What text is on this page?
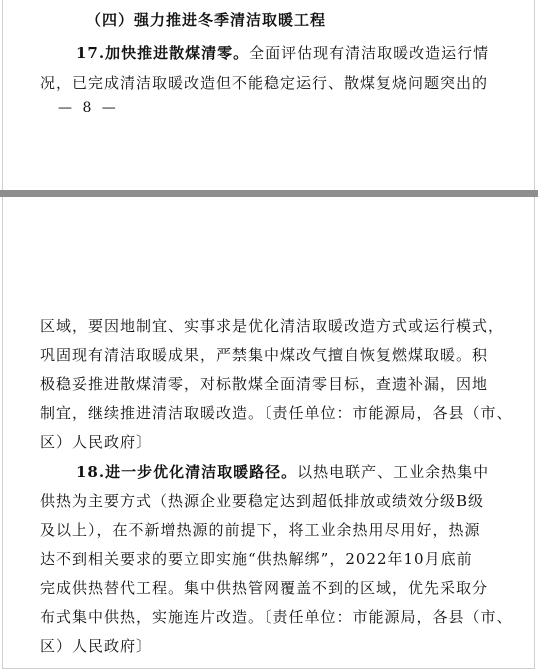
（四）强力推进冬季清洁取暖工程
17.加快推进散煤清零。全面评估现有清洁取暖改造运行情
况，已完成清洁取暖改造但不能稳定运行、散煤复烧问题突出的
— 8 —
区域，要因地制宜、实事求是优化清洁取暖改造方式或运行模式，
巩固现有清洁取暖成果，严禁集中煤改气擅自恢复燃煤取暖。积
极稳妥推进散煤清零，对标散煤全面清零目标，查遗补漏，因地
制宜，继续推进清洁取暖改造。〔责任单位：市能源局，各县（市、
区）人民政府〕
18.进一步优化清洁取暖路径。以热电联产、工业余热集中
供热为主要方式（热源企业要稳定达到超低排放或绩效分级B级
及以上），在不新增热源的前提下，将工业余热用尽用好，热源
达不到相关要求的要立即实施“供热解绑”，2022年10月底前
完成供热替代工程。集中供热管网覆盖不到的区域，优先采取分
布式集中供热，实施连片改造。〔责任单位：市能源局，各县（市、
区）人民政府〕
